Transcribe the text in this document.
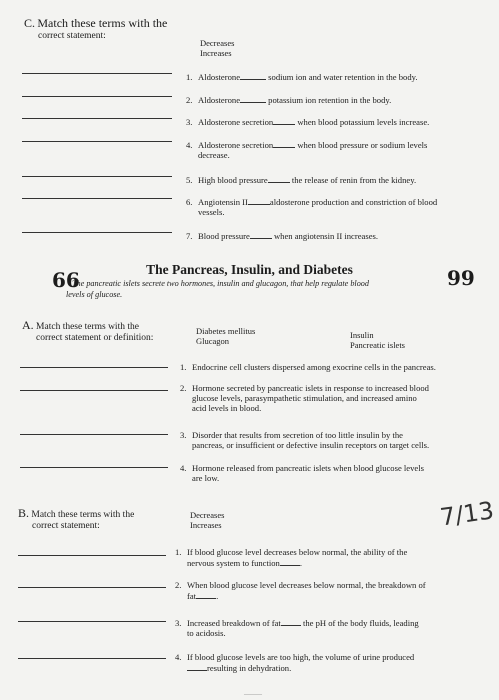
C. Match these terms with the
correct statement:
Decreases
Increases
1. Aldosterone	sodium ion and water retention in the body.
2. Aldosterone	potassium ion retention in the body.
3. Aldosterone secretion	when blood potassium levels increase.
4. Aldosterone secretion	when blood pressure or sodium levels
decrease.
5. High blood pressure	the release of renin from the kidney.
6. Angiotensin II	aldosterone production and constriction of blood
vessels.
7. Blood pressure	when angiotensin II increases.
The Pancreas, Insulin, and Diabetes
66
The pancreatic islets secrete two hormones, insulin and glucagon, that help regulate blood
levels of glucose.
99
A. Match these terms with the
correct statement or definition:
Diabetes mellitus
Glucagon
Insulin
Pancreatic islets
1. Endocrine cell clusters dispersed among exocrine cells in the pancreas.
2. Hormone secreted by pancreatic islets in response to increased blood
glucose levels, parasympathetic stimulation, and increased amino
acid levels in blood.
3. Disorder that results from secretion of too little insulin by the
pancreas, or insufficient or defective insulin receptors on target cells.
4. Hormone released from pancreatic islets when blood glucose levels
are low.
B. Match these terms with the
correct statement:
Decreases
Increases	7/13
1. If blood glucose level decreases below normal, the ability of the
nervous system to function .
2. When blood glucose level decreases below normal, the breakdown of
fat .
3. Increased breakdown of fat	the pH of the body fluids, leading
to acidosis.
4. If blood glucose levels are too high, the volume of urine produced
resulting in dehydration.
———
